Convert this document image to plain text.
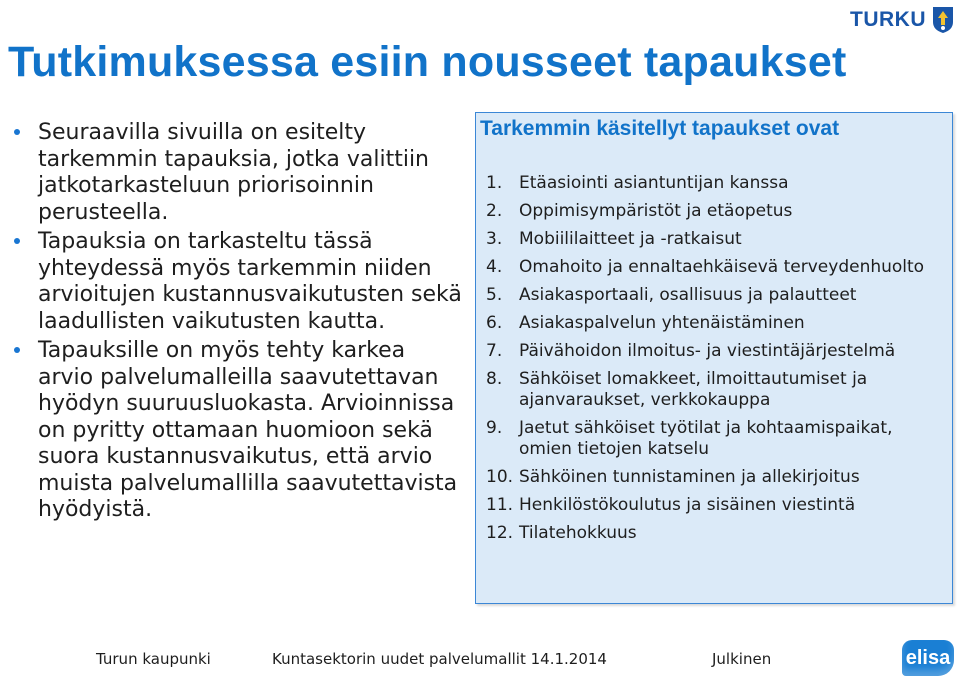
Tutkimuksessa esiin nousseet tapaukset
TURKU
Seuraavilla sivuilla on esitelty tarkemmin tapauksia, jotka valittiin jatkotarkasteluun priorisoinnin perusteella.
Tapauksia on tarkasteltu tässä yhteydessä myös tarkemmin niiden arvioitujen kustannusvaikutusten sekä laadullisten vaikutusten kautta.
Tapauksille on myös tehty karkea arvio palvelumalleilla saavutettavan hyödyn suuruusluokasta. Arvioinnissa on pyritty ottamaan huomioon sekä suora kustannusvaikutus, että arvio muista palvelumallilla saavutettavista hyödyistä.
Tarkemmin käsitellyt tapaukset ovat
1. Etäasiointi asiantuntijan kanssa
2. Oppimisympäristöt ja etäopetus
3. Mobiililaitteet ja -ratkaisut
4. Omahoito ja ennaltaehkäisevä terveydenhuolto
5. Asiakasportaali, osallisuus ja palautteet
6. Asiakaspalvelun yhtenäistäminen
7. Päivähoidon ilmoitus- ja viestintäjärjestelmä
8. Sähköiset lomakkeet, ilmoittautumiset ja ajanvaraukset, verkkokauppa
9. Jaetut sähköiset työtilat ja kohtaamispaikat, omien tietojen katselu
10. Sähköinen tunnistaminen ja allekirjoitus
11. Henkilöstökoulutus ja sisäinen viestintä
12. Tilatehokkuus
Turun kaupunki	Kuntasektorin uudet palvelumallit 14.1.2014	Julkinen	elisa
